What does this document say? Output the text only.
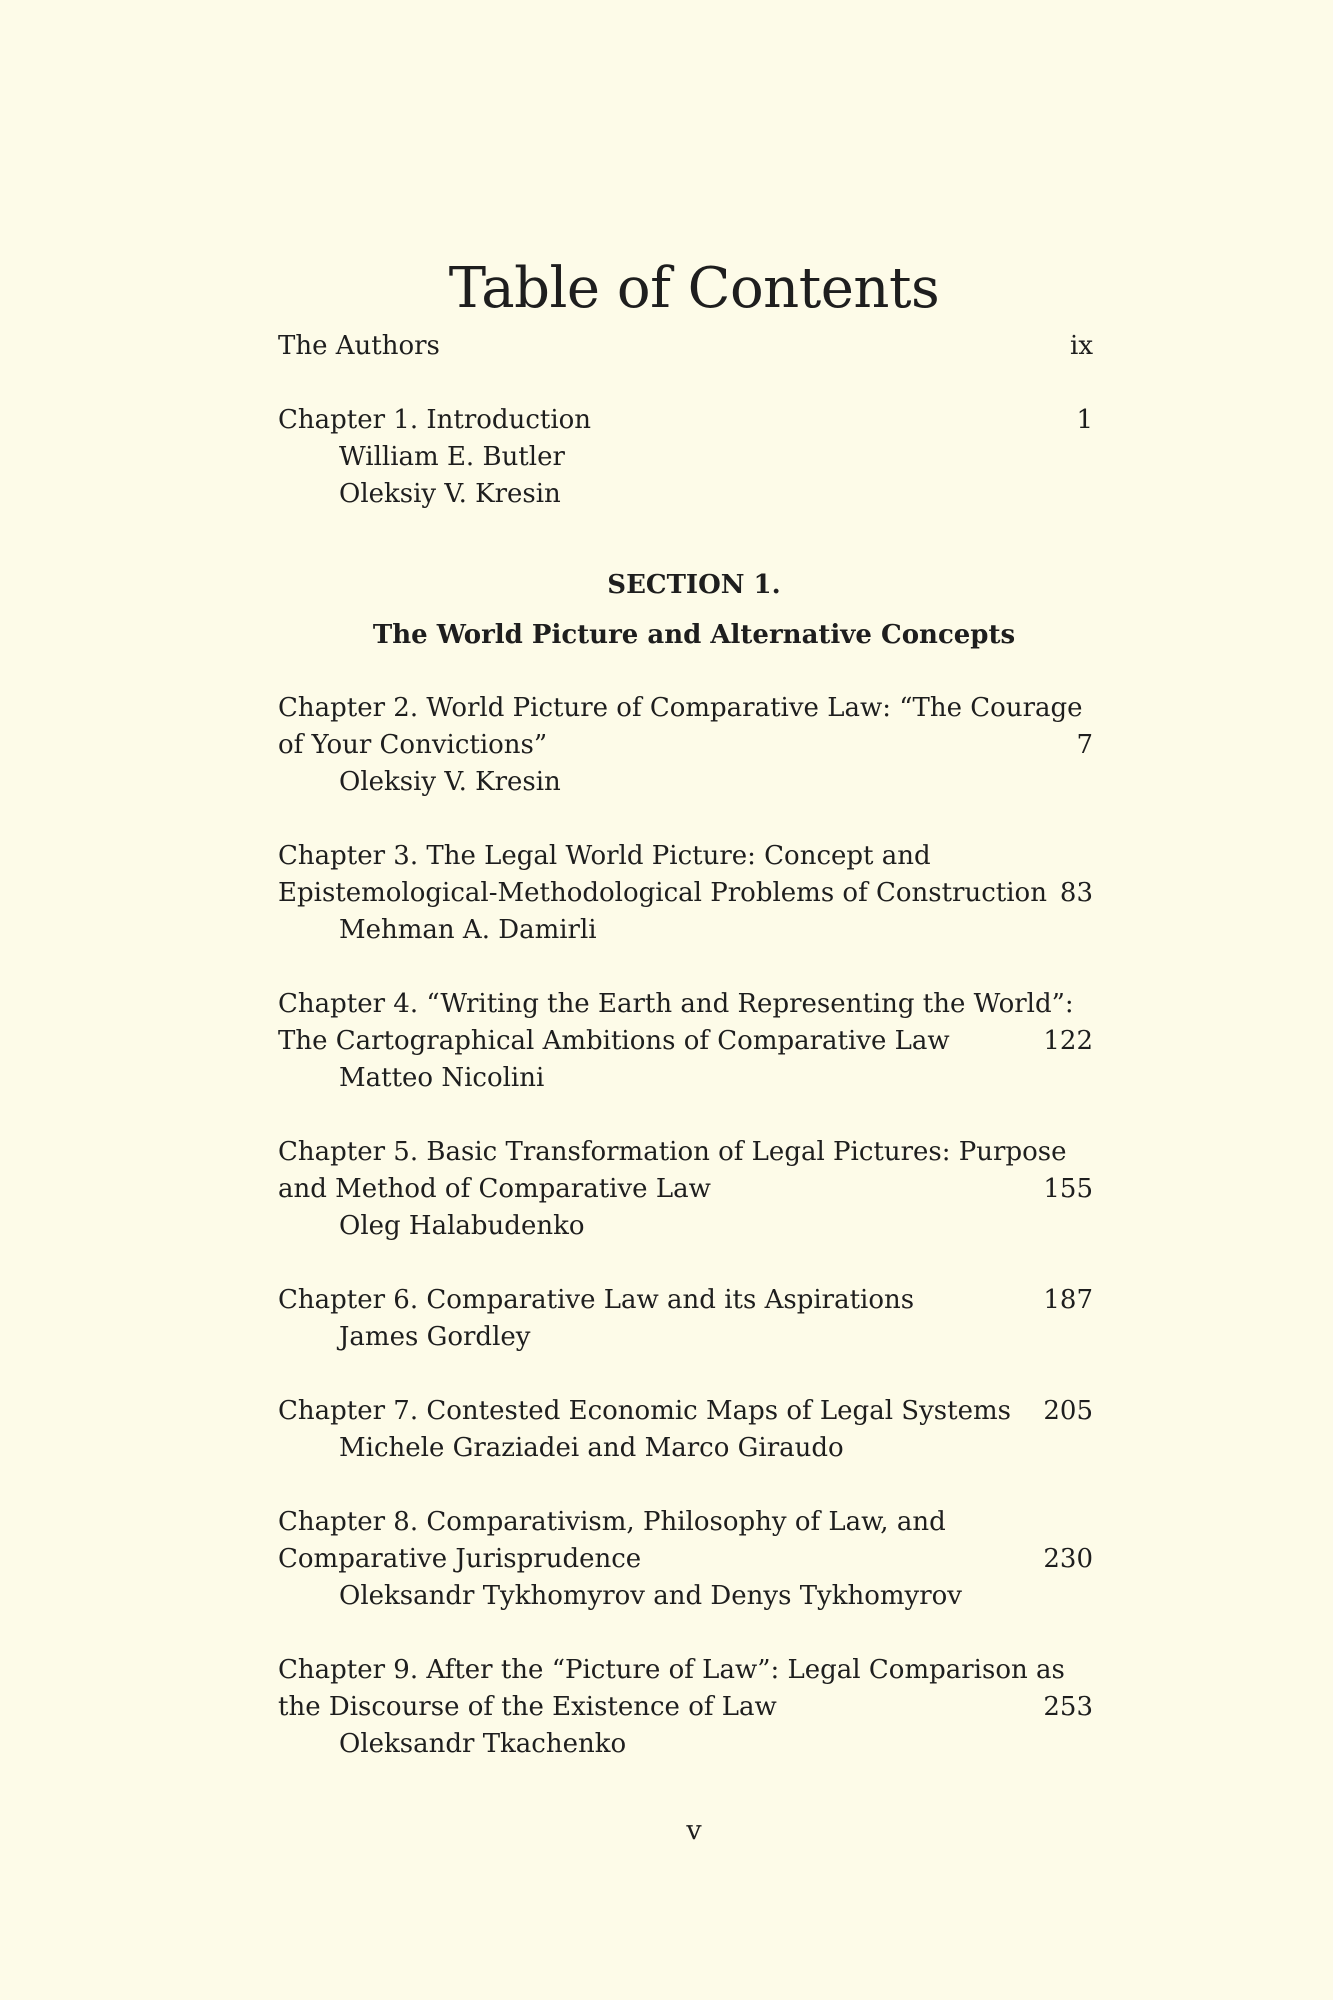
Table of Contents
The Authors	ix
Chapter 1. Introduction	1
William E. Butler
Oleksiy V. Kresin
SECTION 1.
The World Picture and Alternative Concepts
Chapter 2. World Picture of Comparative Law: “The Courage
of Your Convictions”	7
Oleksiy V. Kresin
Chapter 3. The Legal World Picture: Concept and
Epistemological-Methodological Problems of Construction 83
Mehman A. Damirli
Chapter 4. “Writing the Earth and Representing the World”:
The Cartographical Ambitions of Comparative Law	122
Matteo Nicolini
Chapter 5. Basic Transformation of Legal Pictures: Purpose
and Method of Comparative Law	155
Oleg Halabudenko
Chapter 6. Comparative Law and its Aspirations	187
James Gordley
Chapter 7. Contested Economic Maps of Legal Systems 205
Michele Graziadei and Marco Giraudo
Chapter 8. Comparativism, Philosophy of Law, and
Comparative Jurisprudence	230
Oleksandr Tykhomyrov and Denys Tykhomyrov
Chapter 9. After the “Picture of Law”: Legal Comparison as
the Discourse of the Existence of Law	253
Oleksandr Tkachenko
v
